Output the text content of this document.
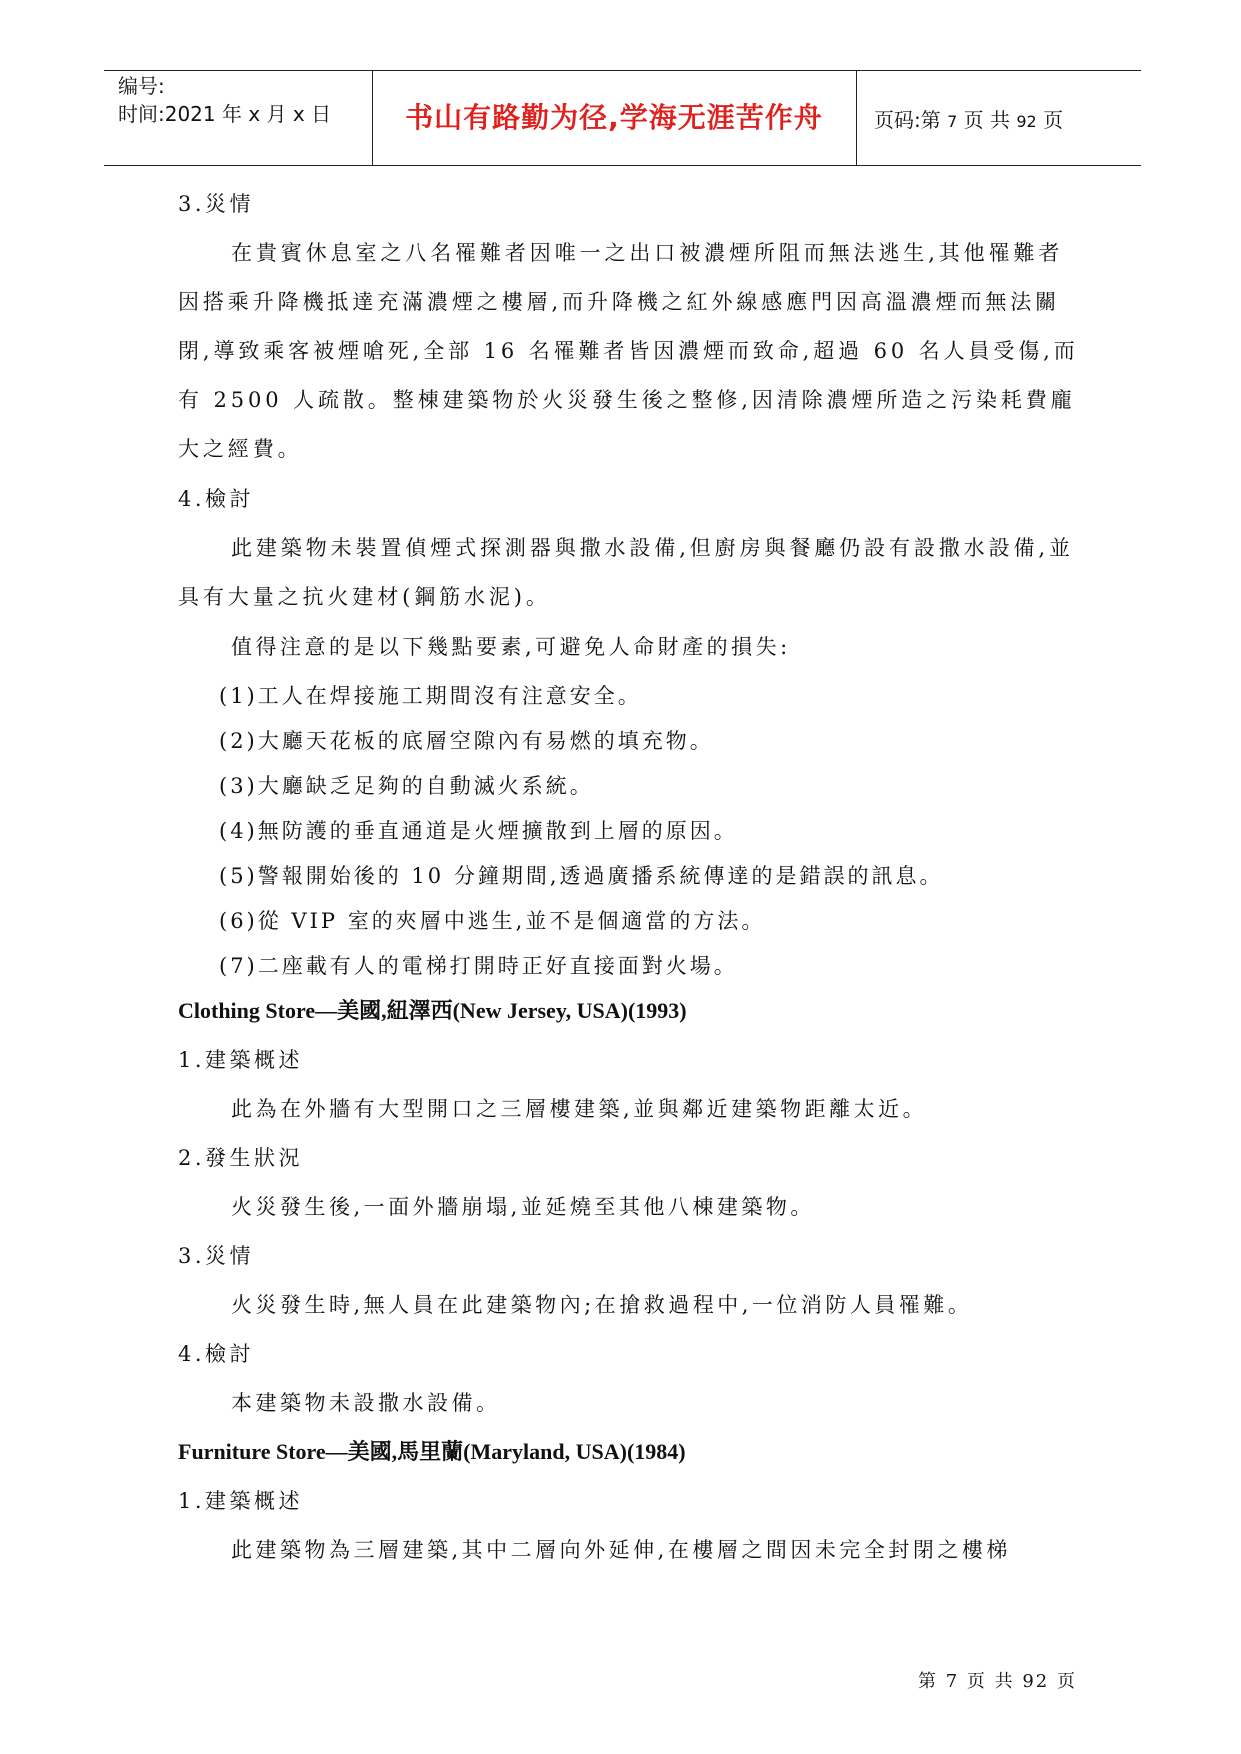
编号:
时间:2021 年 x 月 x 日	书山有路勤为径,学海无涯苦作舟	页码:第 7 页 共 92 页

3.災情

在貴賓休息室之八名罹難者因唯一之出口被濃煙所阻而無法逃生,其他罹難者因搭乘升降機抵達充滿濃煙之樓層,而升降機之紅外線感應門因高溫濃煙而無法關閉,導致乘客被煙嗆死,全部 16 名罹難者皆因濃煙而致命,超過 60 名人員受傷,而有 2500 人疏散。整棟建築物於火災發生後之整修,因清除濃煙所造之污染耗費龐大之經費。

4.檢討

此建築物未裝置偵煙式探測器與撒水設備,但廚房與餐廳仍設有設撒水設備,並具有大量之抗火建材(鋼筋水泥)。

值得注意的是以下幾點要素,可避免人命財產的損失:

(1)工人在焊接施工期間沒有注意安全。

(2)大廳天花板的底層空隙內有易燃的填充物。

(3)大廳缺乏足夠的自動滅火系統。

(4)無防護的垂直通道是火煙擴散到上層的原因。

(5)警報開始後的 10 分鐘期間,透過廣播系統傳達的是錯誤的訊息。

(6)從 VIP 室的夾層中逃生,並不是個適當的方法。

(7)二座載有人的電梯打開時正好直接面對火場。

Clothing Store—美國,紐澤西(New Jersey, USA)(1993)

1.建築概述

此為在外牆有大型開口之三層樓建築,並與鄰近建築物距離太近。

2.發生狀況

火災發生後,一面外牆崩塌,並延燒至其他八棟建築物。

3.災情

火災發生時,無人員在此建築物內;在搶救過程中,一位消防人員罹難。

4.檢討

本建築物未設撒水設備。

Furniture Store—美國,馬里蘭(Maryland, USA)(1984)

1.建築概述

此建築物為三層建築,其中二層向外延伸,在樓層之間因未完全封閉之樓梯

第 7 页 共 92 页
